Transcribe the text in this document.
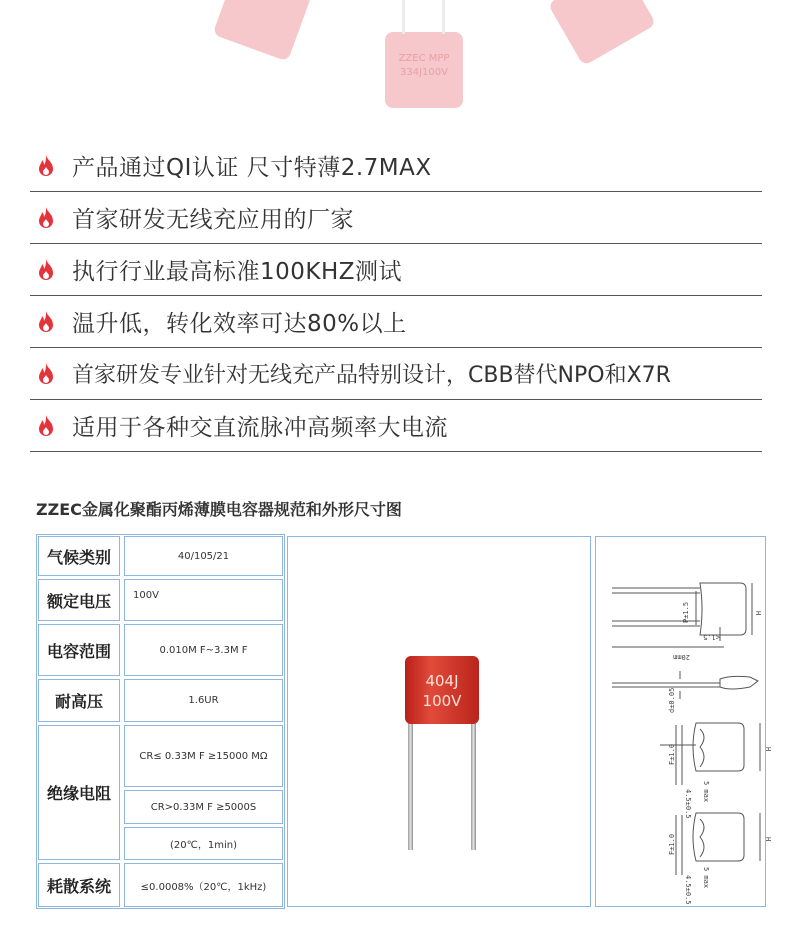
ZZEC MPP 334J100V
产品通过QI认证 尺寸特薄2.7MAX
首家研发无线充应用的厂家
执行行业最高标准100KHZ测试
温升低，转化效率可达80%以上
首家研发专业针对无线充产品特别设计，CBB替代NPO和X7R
适用于各种交直流脉冲高频率大电流
ZZEC金属化聚酯丙烯薄膜电容器规范和外形尺寸图
气候类别
额定电压
电容范围
耐高压
绝缘电阻
耗散系统
40/105/21
100V
0.010M F~3.3M F
1.6UR
CR≤ 0.33M F ≥15000 MΩ
CR>0.33M F ≥5000S
(20℃，1min)
≤0.0008%（20℃，1kHz)
404J
100V
P±1.5
<1.5
20mm
H
d±0.05
F±1.0
5 max
4.5±0.5
H
F±1.0
5 max
4.5±0.5
H
